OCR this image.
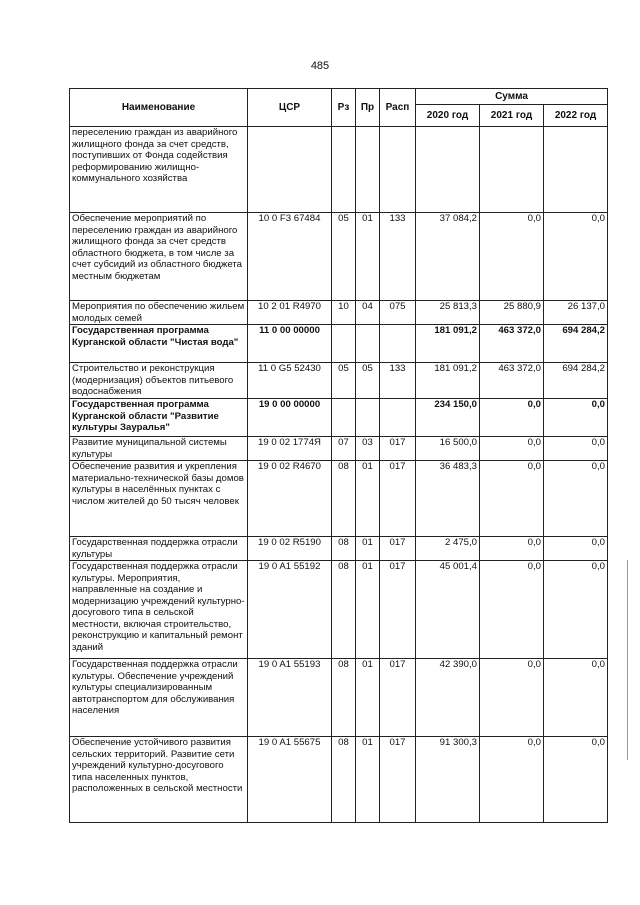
485
Наименование	ЦСР	Рз	Пр	Расп	Сумма		
					2020 год	2021 год	2022 год
переселению граждан из аварийного жилищного фонда за счет средств, поступивших от Фонда содействия реформированию жилищно-коммунального хозяйства							
Обеспечение мероприятий по переселению граждан из аварийного жилищного фонда за счет средств областного бюджета, в том числе за счет субсидий из областного бюджета местным бюджетам	10 0 F3 67484	05	01	133	37 084,2	0,0	0,0
Мероприятия по обеспечению жильем молодых семей	10 2 01 R4970	10	04	075	25 813,3	25 880,9	26 137,0
Государственная программа Курганской области "Чистая вода"	11 0 00 00000				181 091,2	463 372,0	694 284,2
Строительство и реконструкция (модернизация) объектов питьевого водоснабжения	11 0 G5 52430	05	05	133	181 091,2	463 372,0	694 284,2
Государственная программа Курганской области "Развитие культуры Зауралья"	19 0 00 00000				234 150,0	0,0	0,0
Развитие муниципальной системы культуры	19 0 02 1774Я	07	03	017	16 500,0	0,0	0,0
Обеспечение развития и укрепления материально-технической базы домов культуры в населённых пунктах с числом жителей до 50 тысяч человек	19 0 02 R4670	08	01	017	36 483,3	0,0	0,0
Государственная поддержка отрасли культуры	19 0 02 R5190	08	01	017	2 475,0	0,0	0,0
Государственная поддержка отрасли культуры. Мероприятия, направленные на создание и модернизацию учреждений культурно-досугового типа в сельской местности, включая строительство, реконструкцию и капитальный ремонт зданий	19 0 A1 55192	08	01	017	45 001,4	0,0	0,0
Государственная поддержка отрасли культуры. Обеспечение учреждений культуры специализированным автотранспортом для обслуживания населения	19 0 A1 55193	08	01	017	42 390,0	0,0	0,0
Обеспечение устойчивого развития сельских территорий. Развитие сети учреждений культурно-досугового типа населенных пунктов, расположенных в сельской местности	19 0 A1 55675	08	01	017	91 300,3	0,0	0,0
